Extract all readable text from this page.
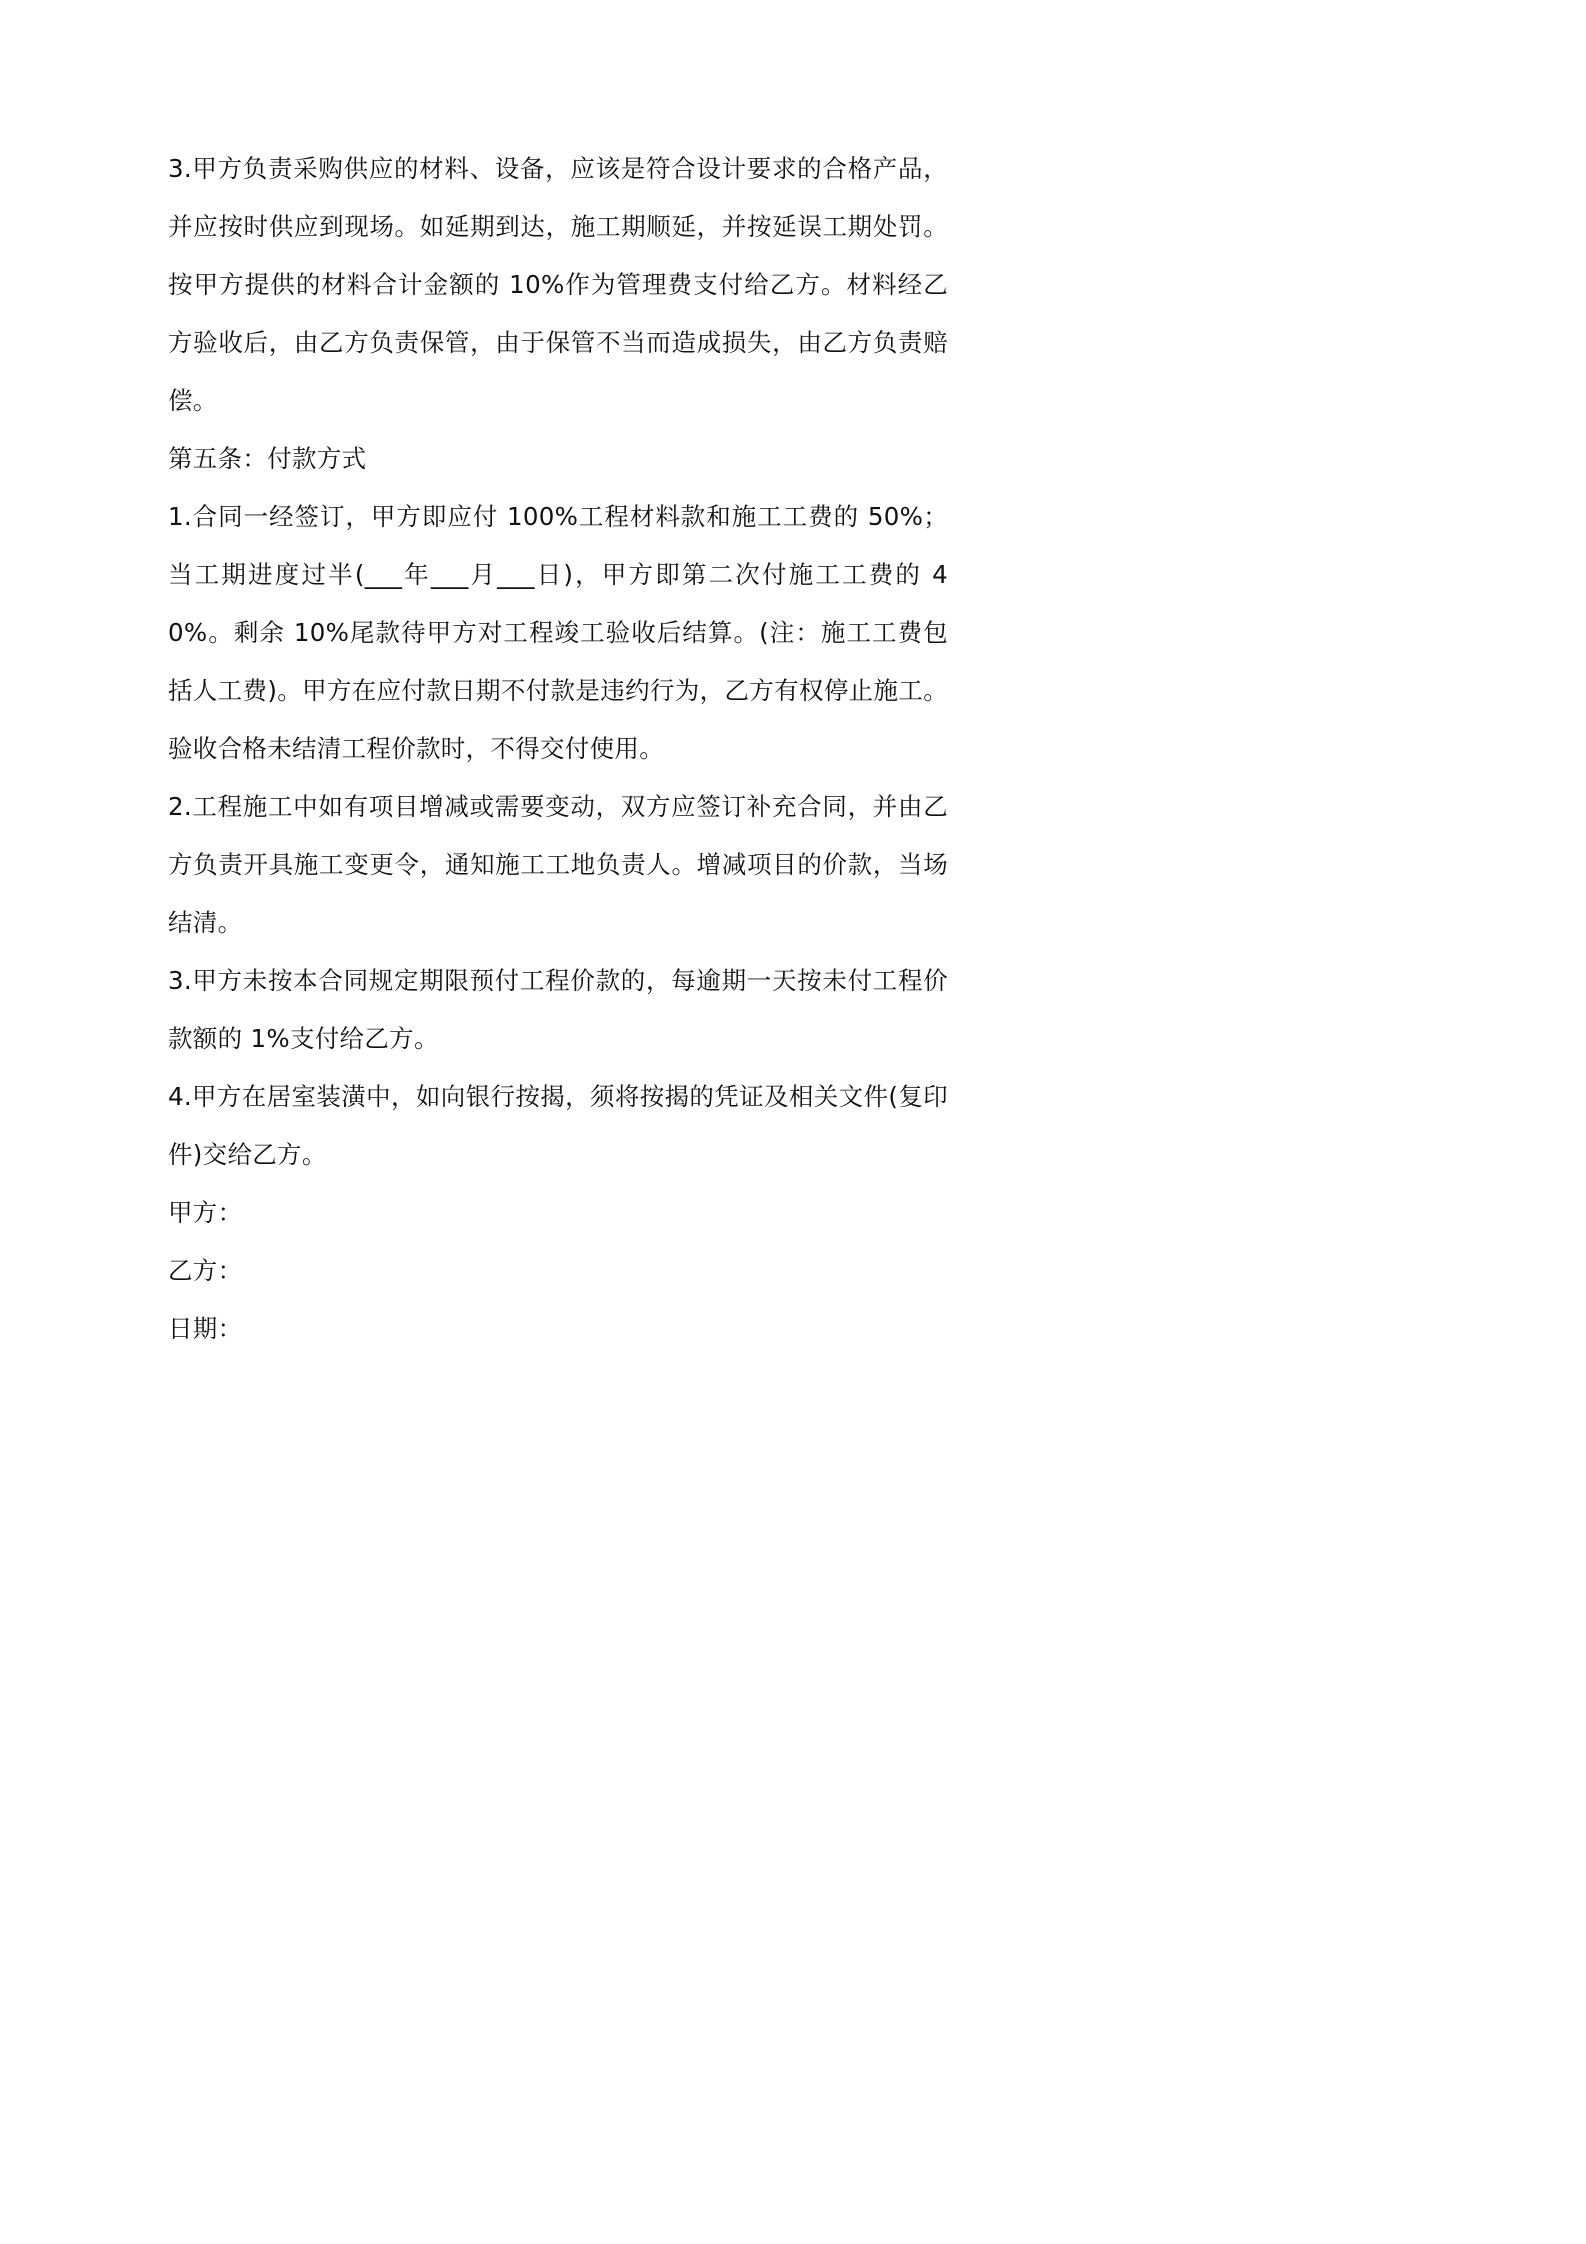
3.甲方负责采购供应的材料、设备，应该是符合设计要求的合格产品，并应按时供应到现场。如延期到达，施工期顺延，并按延误工期处罚。按甲方提供的材料合计金额的 10%作为管理费支付给乙方。材料经乙方验收后，由乙方负责保管，由于保管不当而造成损失，由乙方负责赔偿。

第五条：付款方式

1.合同一经签订，甲方即应付 100%工程材料款和施工工费的 50%；当工期进度过半(___年___月___日)，甲方即第二次付施工工费的 40%。剩余 10%尾款待甲方对工程竣工验收后结算。(注：施工工费包括人工费)。甲方在应付款日期不付款是违约行为，乙方有权停止施工。验收合格未结清工程价款时，不得交付使用。

2.工程施工中如有项目增减或需要变动，双方应签订补充合同，并由乙方负责开具施工变更令，通知施工工地负责人。增减项目的价款，当场结清。

3.甲方未按本合同规定期限预付工程价款的，每逾期一天按未付工程价款额的 1%支付给乙方。

4.甲方在居室装潢中，如向银行按揭，须将按揭的凭证及相关文件(复印件)交给乙方。

甲方：

乙方：

日期：
